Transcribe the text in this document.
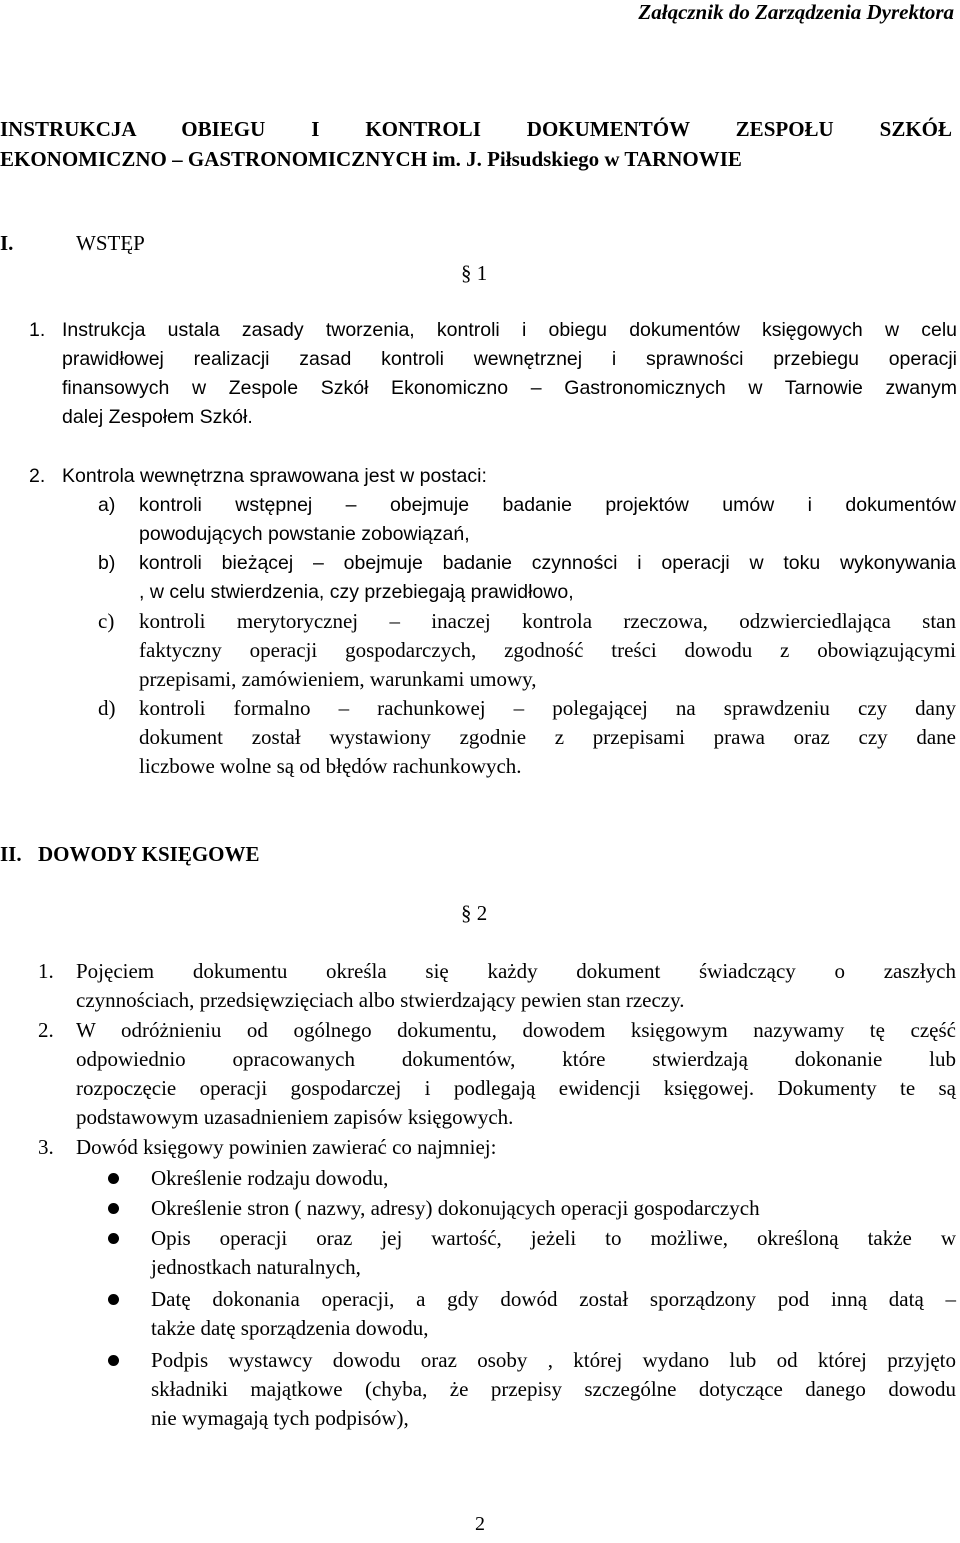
Załącznik do Zarządzenia Dyrektora
INSTRUKCJA OBIEGU I KONTROLI DOKUMENTÓW ZESPOŁU SZKÓŁ
EKONOMICZNO – GASTRONOMICZNYCH im. J. Piłsudskiego w TARNOWIE
I.	WSTĘP
§ 1
1. Instrukcja ustala zasady tworzenia, kontroli i obiegu dokumentów księgowych w celu
prawidłowej realizacji zasad kontroli wewnętrznej i sprawności przebiegu operacji
finansowych w Zespole Szkół Ekonomiczno – Gastronomicznych w Tarnowie zwanym
dalej Zespołem Szkół.
2. Kontrola wewnętrzna sprawowana jest w postaci:
a) kontroli wstępnej – obejmuje badanie projektów umów i dokumentów
powodujących powstanie zobowiązań,
b) kontroli bieżącej – obejmuje badanie czynności i operacji w toku wykonywania
, w celu stwierdzenia, czy przebiegają prawidłowo,
c) kontroli merytorycznej – inaczej kontrola rzeczowa, odzwierciedlająca stan
faktyczny operacji gospodarczych, zgodność treści dowodu z obowiązującymi
przepisami, zamówieniem, warunkami umowy,
d) kontroli formalno – rachunkowej – polegającej na sprawdzeniu czy dany
dokument został wystawiony zgodnie z przepisami prawa oraz czy dane
liczbowe wolne są od błędów rachunkowych.
II. DOWODY KSIĘGOWE
§ 2
1. Pojęciem dokumentu określa się każdy dokument świadczący o zaszłych
czynnościach, przedsięwzięciach albo stwierdzający pewien stan rzeczy.
2. W odróżnieniu od ogólnego dokumentu, dowodem księgowym nazywamy tę część
odpowiednio opracowanych dokumentów, które stwierdzają dokonanie lub
rozpoczęcie operacji gospodarczej i podlegają ewidencji księgowej. Dokumenty te są
podstawowym uzasadnieniem zapisów księgowych.
3. Dowód księgowy powinien zawierać co najmniej:
Określenie rodzaju dowodu,
Określenie stron ( nazwy, adresy) dokonujących operacji gospodarczych
Opis operacji oraz jej wartość, jeżeli to możliwe, określoną także w
jednostkach naturalnych,
Datę dokonania operacji, a gdy dowód został sporządzony pod inną datą –
także datę sporządzenia dowodu,
Podpis wystawcy dowodu oraz osoby , której wydano lub od której przyjęto
składniki majątkowe (chyba, że przepisy szczególne dotyczące danego dowodu
nie wymagają tych podpisów),
2
